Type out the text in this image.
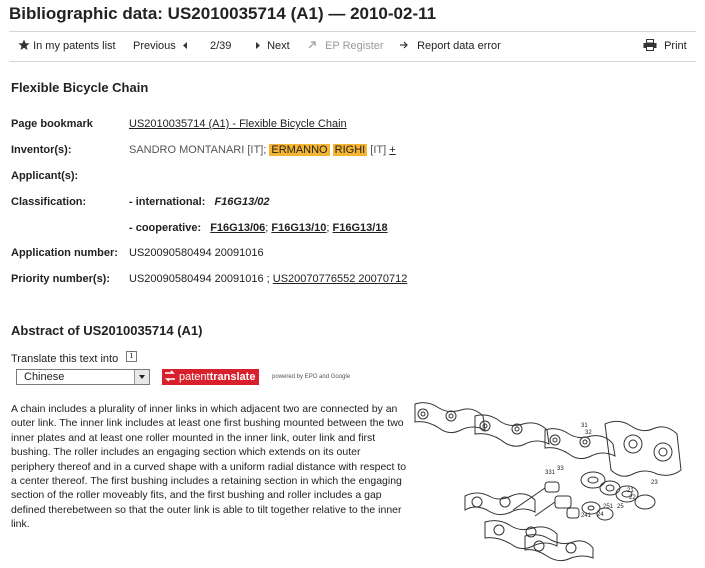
Bibliographic data: US2010035714 (A1) — 2010-02-11
In my patents list Previous	2/39	Next	EP Register	Report data error	Print
Flexible Bicycle Chain
Page bookmark	US2010035714 (A1) - Flexible Bicycle Chain
Inventor(s):	SANDRO MONTANARI [IT]; ERMANNO RIGHI [IT] +
Applicant(s):
Classification:	- international: F16G13/02
- cooperative: F16G13/06; F16G13/10; F16G13/18
Application number: US20090580494 20091016
Priority number(s): US20090580494 20091016 ; US20070776552 20070712
Abstract of US2010035714 (A1)
Translate this text into	i
Chinese	patenttranslate	powered by EPO and Google
A chain includes a plurality of inner links in which adjacent two are connected by an outer link. The inner link includes at least one first bushing mounted between the two inner plates and at least one roller mounted in the inner link, outer link and first bushing. The roller includes an engaging section which extends on its outer periphery thereof and in a curved shape with a uniform radial distance with respect to a center thereof. The first bushing includes a retaining section in which the engaging section of the roller moveably fits, and the first bushing and roller includes a gap defined therebetween so that the outer link is able to tilt together relative to the inner link.
31
32
331
33
251
241 24
25
21
22
23
